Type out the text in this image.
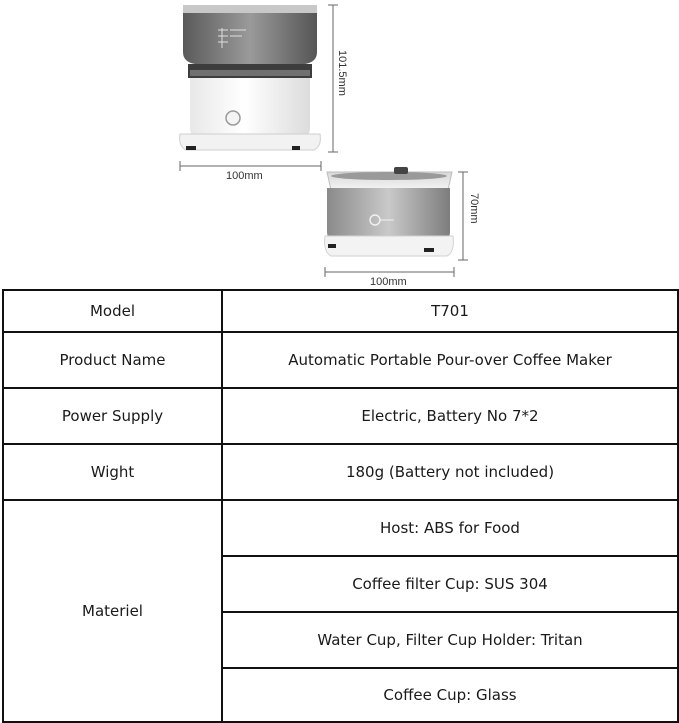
101.5mm
100mm
70mm
100mm
Model	T701
Product Name	Automatic Portable Pour-over Coffee Maker
Power Supply	Electric, Battery No 7*2
Wight	180g (Battery not included)
Materiel	Host: ABS for Food
	Coffee filter Cup: SUS 304
	Water Cup, Filter Cup Holder: Tritan
	Coffee Cup: Glass
